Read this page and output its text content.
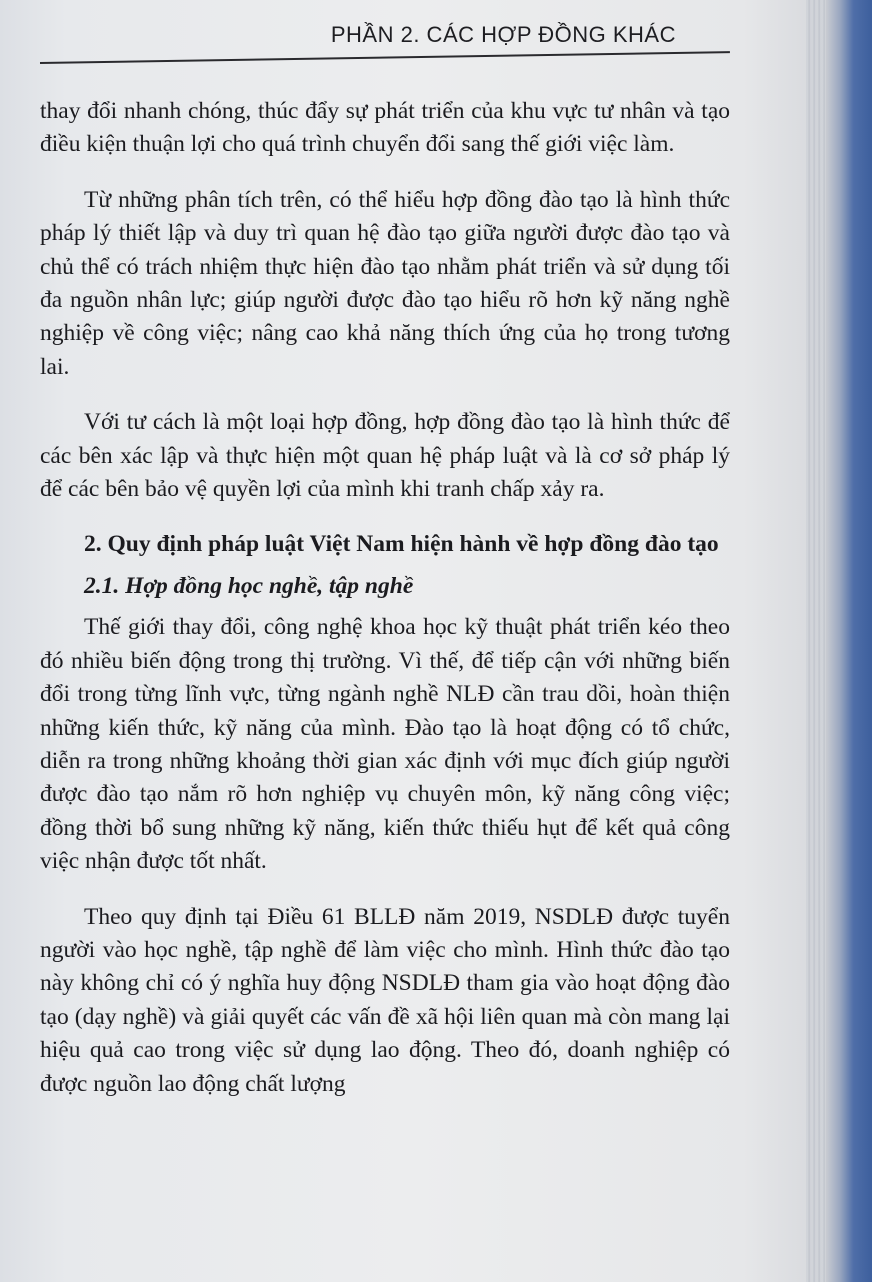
PHẦN 2. CÁC HỢP ĐỒNG KHÁC

thay đổi nhanh chóng, thúc đẩy sự phát triển của khu vực tư nhân và tạo điều kiện thuận lợi cho quá trình chuyển đổi sang thế giới việc làm.

Từ những phân tích trên, có thể hiểu hợp đồng đào tạo là hình thức pháp lý thiết lập và duy trì quan hệ đào tạo giữa người được đào tạo và chủ thể có trách nhiệm thực hiện đào tạo nhằm phát triển và sử dụng tối đa nguồn nhân lực; giúp người được đào tạo hiểu rõ hơn kỹ năng nghề nghiệp về công việc; nâng cao khả năng thích ứng của họ trong tương lai.

Với tư cách là một loại hợp đồng, hợp đồng đào tạo là hình thức để các bên xác lập và thực hiện một quan hệ pháp luật và là cơ sở pháp lý để các bên bảo vệ quyền lợi của mình khi tranh chấp xảy ra.

2. Quy định pháp luật Việt Nam hiện hành về hợp đồng đào tạo

2.1. Hợp đồng học nghề, tập nghề

Thế giới thay đổi, công nghệ khoa học kỹ thuật phát triển kéo theo đó nhiều biến động trong thị trường. Vì thế, để tiếp cận với những biến đổi trong từng lĩnh vực, từng ngành nghề NLĐ cần trau dồi, hoàn thiện những kiến thức, kỹ năng của mình. Đào tạo là hoạt động có tổ chức, diễn ra trong những khoảng thời gian xác định với mục đích giúp người được đào tạo nắm rõ hơn nghiệp vụ chuyên môn, kỹ năng công việc; đồng thời bổ sung những kỹ năng, kiến thức thiếu hụt để kết quả công việc nhận được tốt nhất.

Theo quy định tại Điều 61 BLLĐ năm 2019, NSDLĐ được tuyển người vào học nghề, tập nghề để làm việc cho mình. Hình thức đào tạo này không chỉ có ý nghĩa huy động NSDLĐ tham gia vào hoạt động đào tạo (dạy nghề) và giải quyết các vấn đề xã hội liên quan mà còn mang lại hiệu quả cao trong việc sử dụng lao động. Theo đó, doanh nghiệp có được nguồn lao động chất lượng
